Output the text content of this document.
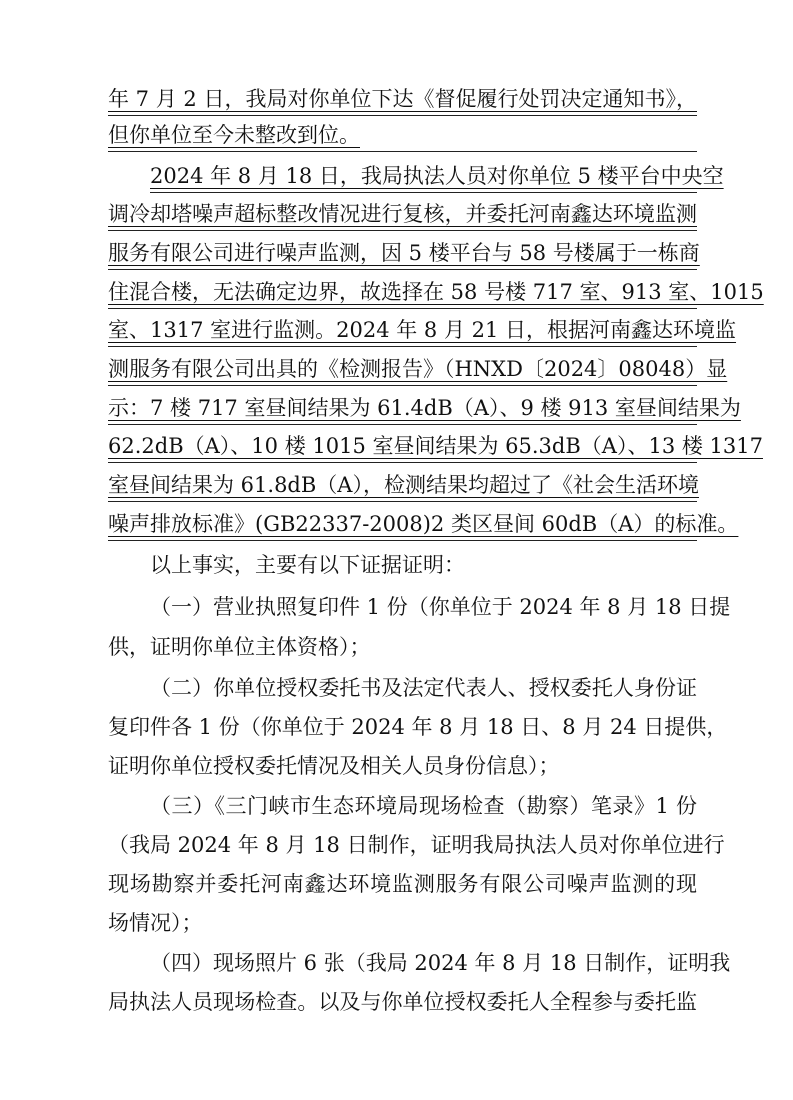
年 7 月 2 日，我局对你单位下达《督促履行处罚决定通知书》，
但你单位至今未整改到位。
2024 年 8 月 18 日，我局执法人员对你单位 5 楼平台中央空
调冷却塔噪声超标整改情况进行复核，并委托河南鑫达环境监测
服务有限公司进行噪声监测，因 5 楼平台与 58 号楼属于一栋商
住混合楼，无法确定边界，故选择在 58 号楼 717 室、913 室、1015
室、1317 室进行监测。2024 年 8 月 21 日，根据河南鑫达环境监
测服务有限公司出具的《检测报告》（HNXD〔2024〕08048）显
示：7 楼 717 室昼间结果为 61.4dB（A）、9 楼 913 室昼间结果为
62.2dB（A）、10 楼 1015 室昼间结果为 65.3dB（A）、13 楼 1317
室昼间结果为 61.8dB（A），检测结果均超过了《社会生活环境
噪声排放标准》(GB22337-2008)2 类区昼间 60dB（A）的标准。
以上事实，主要有以下证据证明：
（一）营业执照复印件 1 份（你单位于 2024 年 8 月 18 日提
供，证明你单位主体资格）；
（二）你单位授权委托书及法定代表人、授权委托人身份证
复印件各 1 份（你单位于 2024 年 8 月 18 日、8 月 24 日提供，
证明你单位授权委托情况及相关人员身份信息）；
（三）《三门峡市生态环境局现场检查（勘察）笔录》1 份
（我局 2024 年 8 月 18 日制作，证明我局执法人员对你单位进行
现场勘察并委托河南鑫达环境监测服务有限公司噪声监测的现
场情况）；
（四）现场照片 6 张（我局 2024 年 8 月 18 日制作，证明我
局执法人员现场检查。以及与你单位授权委托人全程参与委托监
